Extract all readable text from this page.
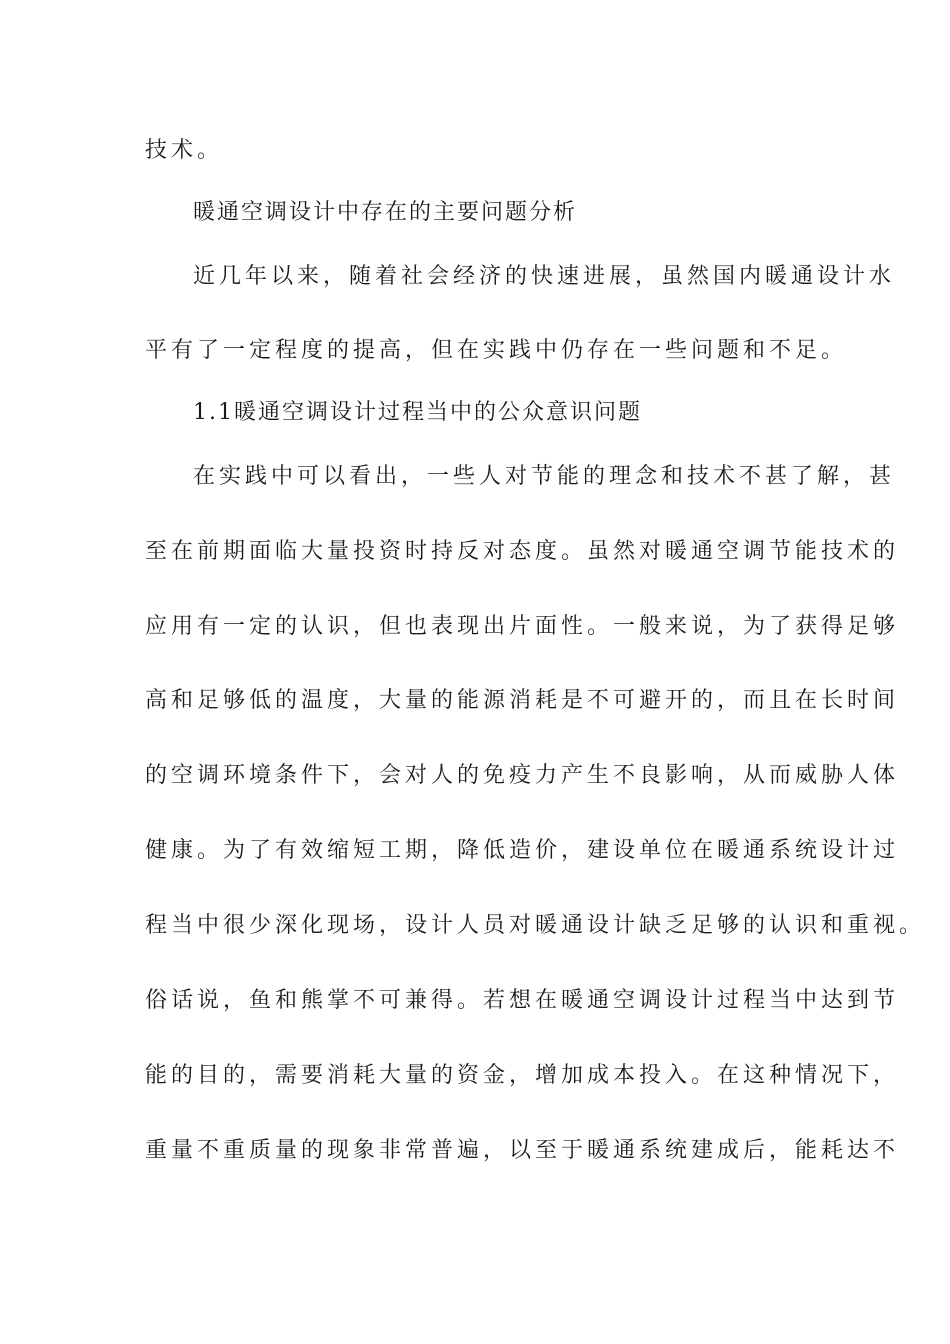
技术。
暖通空调设计中存在的主要问题分析
近几年以来，随着社会经济的快速进展，虽然国内暖通设计水
平有了一定程度的提高，但在实践中仍存在一些问题和不足。
1.1暖通空调设计过程当中的公众意识问题
在实践中可以看出，一些人对节能的理念和技术不甚了解，甚
至在前期面临大量投资时持反对态度。虽然对暖通空调节能技术的
应用有一定的认识，但也表现出片面性。一般来说，为了获得足够
高和足够低的温度，大量的能源消耗是不可避开的，而且在长时间
的空调环境条件下，会对人的免疫力产生不良影响，从而威胁人体
健康。为了有效缩短工期，降低造价，建设单位在暖通系统设计过
程当中很少深化现场，设计人员对暖通设计缺乏足够的认识和重视。
俗话说，鱼和熊掌不可兼得。若想在暖通空调设计过程当中达到节
能的目的，需要消耗大量的资金，增加成本投入。在这种情况下，
重量不重质量的现象非常普遍，以至于暖通系统建成后，能耗达不
